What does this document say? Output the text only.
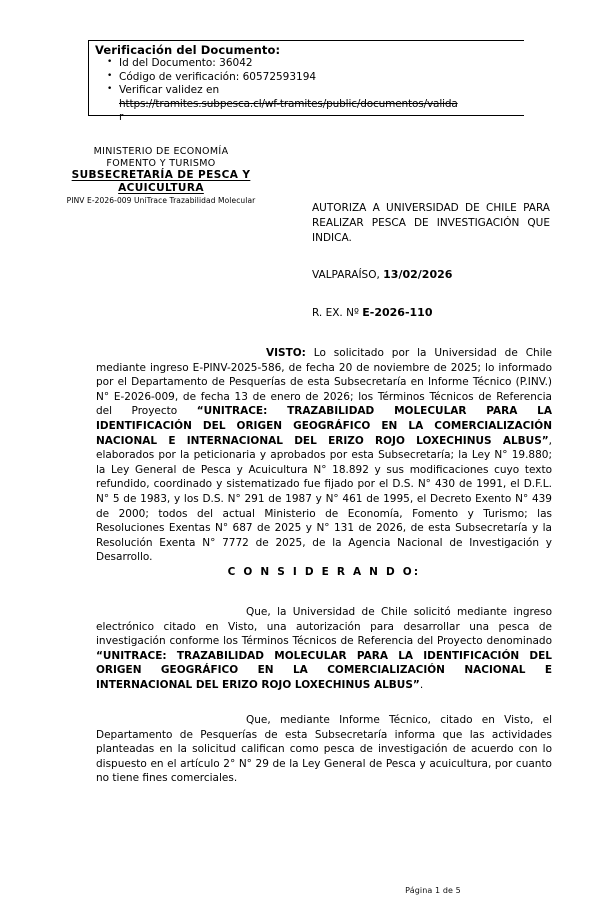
Verificación del Documento:
• Id del Documento: 36042
• Código de verificación: 60572593194
• Verificar validez en
https://tramites.subpesca.cl/wf-tramites/public/documentos/valida
r
MINISTERIO DE ECONOMÍA
FOMENTO Y TURISMO
SUBSECRETARÍA DE PESCA Y ACUICULTURA
PINV E-2026-009 UniTrace Trazabilidad Molecular
AUTORIZA A UNIVERSIDAD DE CHILE PARA REALIZAR PESCA DE INVESTIGACIÓN QUE INDICA.
VALPARAÍSO, 13/02/2026
R. EX. Nº E-2026-110

VISTO: Lo solicitado por la Universidad de Chile mediante ingreso E-PINV-2025-586, de fecha 20 de noviembre de 2025; lo informado por el Departamento de Pesquerías de esta Subsecretaría en Informe Técnico (P.INV.) N° E-2026-009, de fecha 13 de enero de 2026; los Términos Técnicos de Referencia del Proyecto “UNITRACE: TRAZABILIDAD MOLECULAR PARA LA IDENTIFICACIÓN DEL ORIGEN GEOGRÁFICO EN LA COMERCIALIZACIÓN NACIONAL E INTERNACIONAL DEL ERIZO ROJO LOXECHINUS ALBUS”, elaborados por la peticionaria y aprobados por esta Subsecretaría; la Ley N° 19.880; la Ley General de Pesca y Acuicultura N° 18.892 y sus modificaciones cuyo texto refundido, coordinado y sistematizado fue fijado por el D.S. N° 430 de 1991, el D.F.L. N° 5 de 1983, y los D.S. N° 291 de 1987 y N° 461 de 1995, el Decreto Exento N° 439 de 2000; todos del actual Ministerio de Economía, Fomento y Turismo; las Resoluciones Exentas N° 687 de 2025 y N° 131 de 2026, de esta Subsecretaría y la Resolución Exenta N° 7772 de 2025, de la Agencia Nacional de Investigación y Desarrollo.

C O N S I D E R A N D O:

Que, la Universidad de Chile solicitó mediante ingreso electrónico citado en Visto, una autorización para desarrollar una pesca de investigación conforme los Términos Técnicos de Referencia del Proyecto denominado “UNITRACE: TRAZABILIDAD MOLECULAR PARA LA IDENTIFICACIÓN DEL ORIGEN GEOGRÁFICO EN LA COMERCIALIZACIÓN NACIONAL E INTERNACIONAL DEL ERIZO ROJO LOXECHINUS ALBUS”.

Que, mediante Informe Técnico, citado en Visto, el Departamento de Pesquerías de esta Subsecretaría informa que las actividades planteadas en la solicitud califican como pesca de investigación de acuerdo con lo dispuesto en el artículo 2° N° 29 de la Ley General de Pesca y acuicultura, por cuanto no tiene fines comerciales.

Página 1 de 5
